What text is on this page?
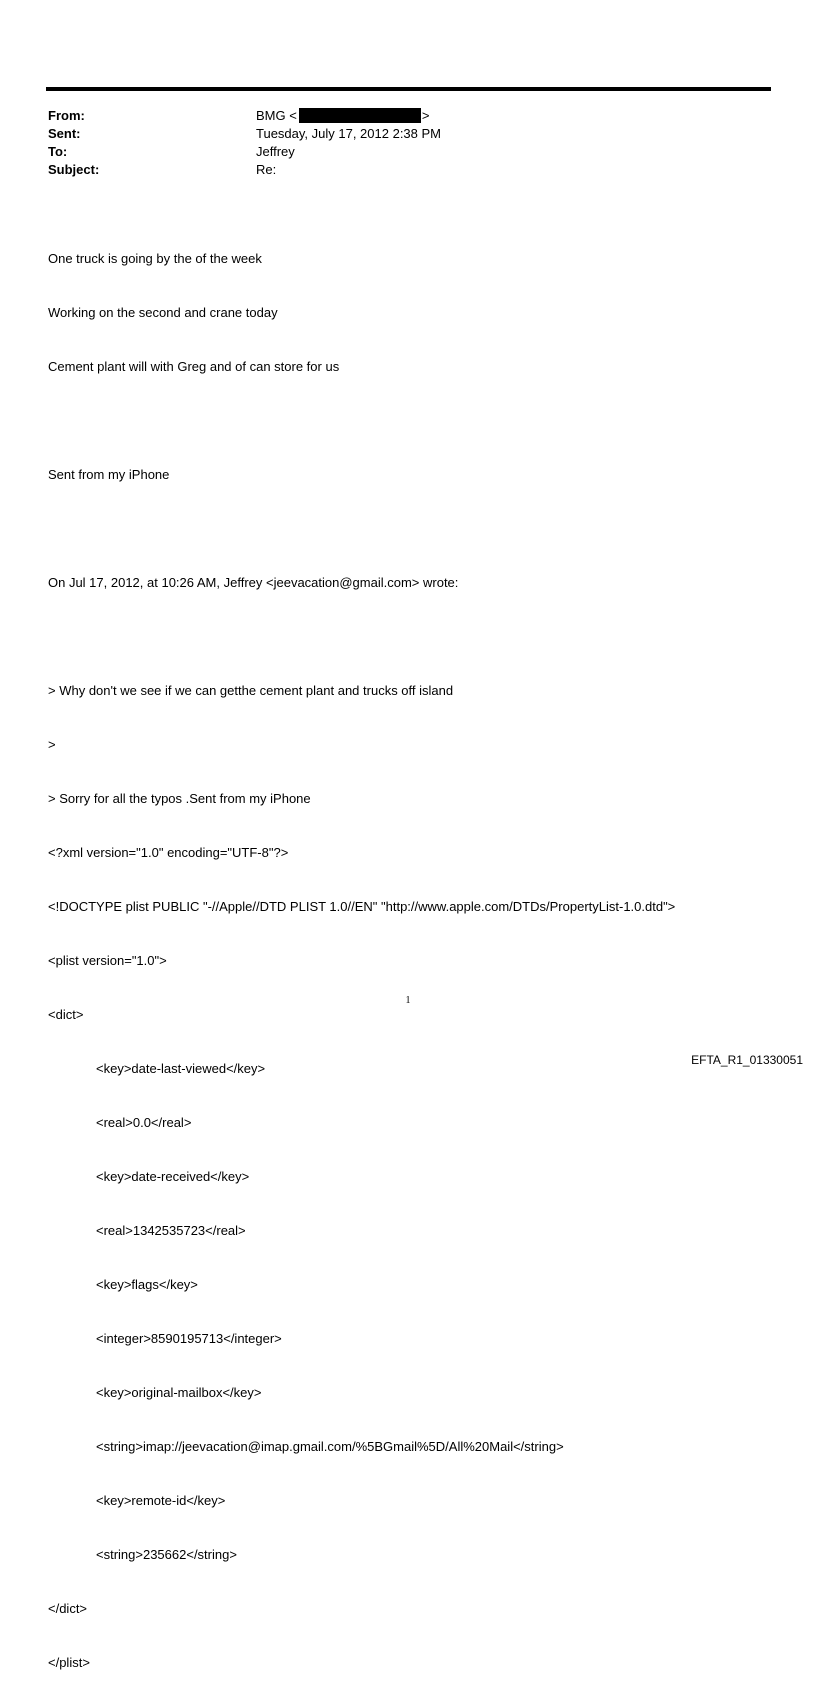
From:	BMG <	>
Sent:	Tuesday, July 17, 2012 2:38 PM
To:	Jeffrey
Subject:	Re:

One truck is going by the of the week

Working on the second and crane today

Cement plant will with Greg and of can store for us

Sent from my iPhone

On Jul 17, 2012, at 10:26 AM, Jeffrey <jeevacation@gmail.com> wrote:

> Why don't we see if we can getthe cement plant and trucks off island

>

> Sorry for all the typos .Sent from my iPhone

<?xml version="1.0" encoding="UTF-8"?>

<!DOCTYPE plist PUBLIC "-//Apple//DTD PLIST 1.0//EN" "http://www.apple.com/DTDs/PropertyList-1.0.dtd">

<plist version="1.0">

<dict>

<key>date-last-viewed</key>

<real>0.0</real>

<key>date-received</key>

<real>1342535723</real>

<key>flags</key>

<integer>8590195713</integer>

<key>original-mailbox</key>

<string>imap://jeevacation@imap.gmail.com/%5BGmail%5D/All%20Mail</string>

<key>remote-id</key>

<string>235662</string>

</dict>

</plist>

1
EFTA_R1_01330051
